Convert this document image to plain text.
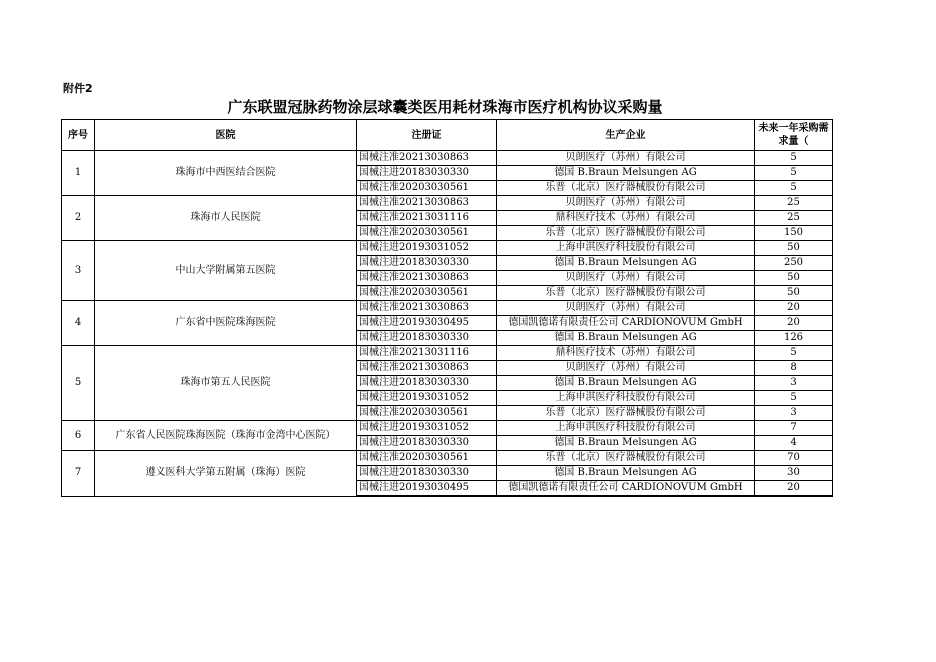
附件2
广东联盟冠脉药物涂层球囊类医用耗材珠海市医疗机构协议采购量
序号	医院	注册证	生产企业	未来一年采购需求量（
1	珠海市中西医结合医院	国械注准20213030863	贝朗医疗（苏州）有限公司	5
		国械注进20183030330	德国 B.Braun Melsungen AG	5
		国械注准20203030561	乐普（北京）医疗器械股份有限公司	5
2	珠海市人民医院	国械注准20213030863	贝朗医疗（苏州）有限公司	25
		国械注准20213031116	鼎科医疗技术（苏州）有限公司	25
		国械注准20203030561	乐普（北京）医疗器械股份有限公司	150
3	中山大学附属第五医院	国械注进20193031052	上海申淇医疗科技股份有限公司	50
		国械注进20183030330	德国 B.Braun Melsungen AG	250
		国械注准20213030863	贝朗医疗（苏州）有限公司	50
		国械注准20203030561	乐普（北京）医疗器械股份有限公司	50
4	广东省中医院珠海医院	国械注准20213030863	贝朗医疗（苏州）有限公司	20
		国械注进20193030495	德国凯德诺有限责任公司 CARDIONOVUM GmbH	20
		国械注进20183030330	德国 B.Braun Melsungen AG	126
5	珠海市第五人民医院	国械注准20213031116	鼎科医疗技术（苏州）有限公司	5
		国械注准20213030863	贝朗医疗（苏州）有限公司	8
		国械注进20183030330	德国 B.Braun Melsungen AG	3
		国械注进20193031052	上海申淇医疗科技股份有限公司	5
		国械注准20203030561	乐普（北京）医疗器械股份有限公司	3
6	广东省人民医院珠海医院（珠海市金湾中心医院）	国械注进20193031052	上海申淇医疗科技股份有限公司	7
		国械注进20183030330	德国 B.Braun Melsungen AG	4
7	遵义医科大学第五附属（珠海）医院	国械注准20203030561	乐普（北京）医疗器械股份有限公司	70
		国械注进20183030330	德国 B.Braun Melsungen AG	30
		国械注进20193030495	德国凯德诺有限责任公司 CARDIONOVUM GmbH	20
